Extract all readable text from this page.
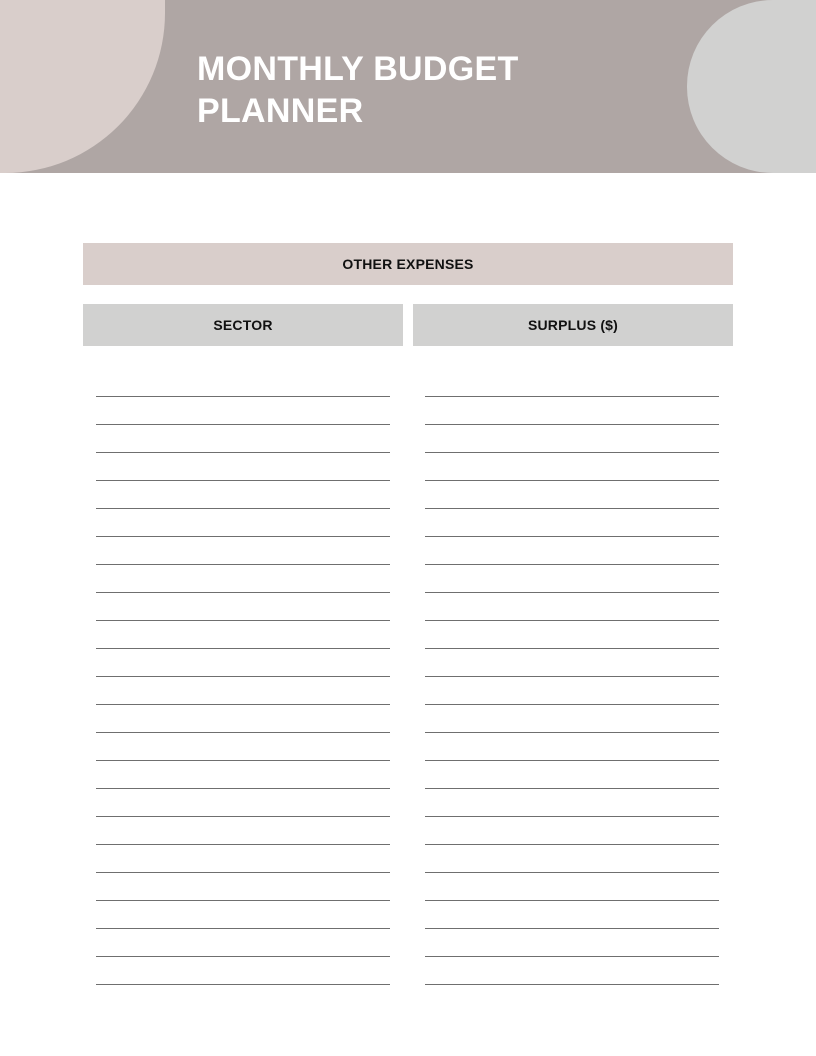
MONTHLY BUDGET
PLANNER
OTHER EXPENSES
SECTOR	SURPLUS ($)
